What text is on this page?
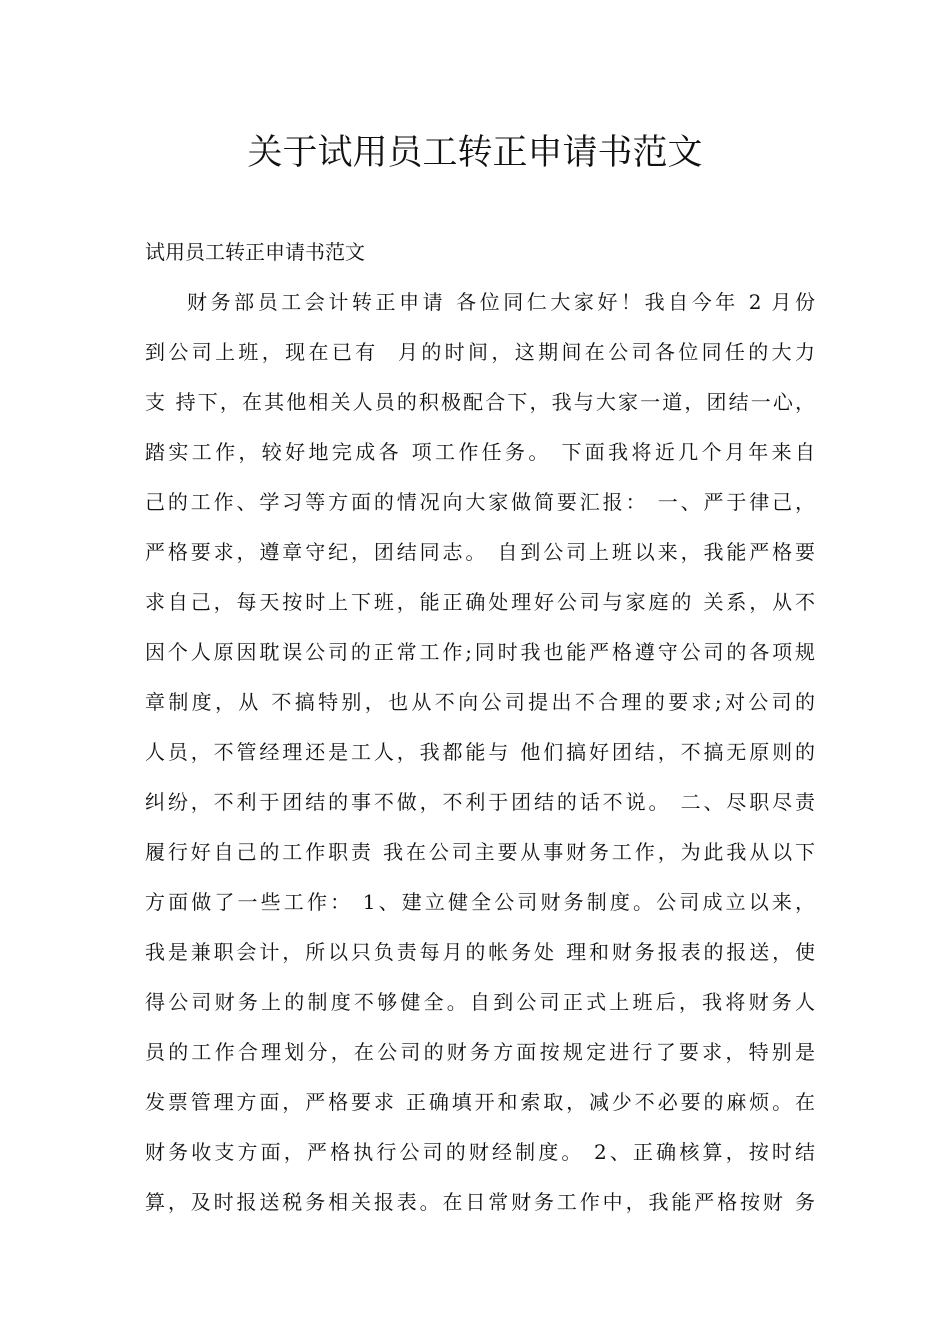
关于试用员工转正申请书范文

试用员工转正申请书范文

财务部员工会计转正申请 各位同仁大家好！我自今年 2 月份
到公司上班，现在已有  月的时间，这期间在公司各位同任的大力
支 持下，在其他相关人员的积极配合下，我与大家一道，团结一心，
踏实工作，较好地完成各 项工作任务。 下面我将近几个月年来自
己的工作、学习等方面的情况向大家做简要汇报： 一、严于律己，
严格要求，遵章守纪，团结同志。 自到公司上班以来，我能严格要
求自己，每天按时上下班，能正确处理好公司与家庭的 关系，从不
因个人原因耽误公司的正常工作;同时我也能严格遵守公司的各项规
章制度，从 不搞特别，也从不向公司提出不合理的要求;对公司的
人员，不管经理还是工人，我都能与 他们搞好团结，不搞无原则的
纠纷，不利于团结的事不做，不利于团结的话不说。 二、尽职尽责
履行好自己的工作职责 我在公司主要从事财务工作，为此我从以下
方面做了一些工作： 1、建立健全公司财务制度。公司成立以来，
我是兼职会计，所以只负责每月的帐务处 理和财务报表的报送，使
得公司财务上的制度不够健全。自到公司正式上班后，我将财务人
员的工作合理划分，在公司的财务方面按规定进行了要求，特别是
发票管理方面，严格要求 正确填开和索取，减少不必要的麻烦。在
财务收支方面，严格执行公司的财经制度。 2、正确核算，按时结
算，及时报送税务相关报表。在日常财务工作中，我能严格按财 务
